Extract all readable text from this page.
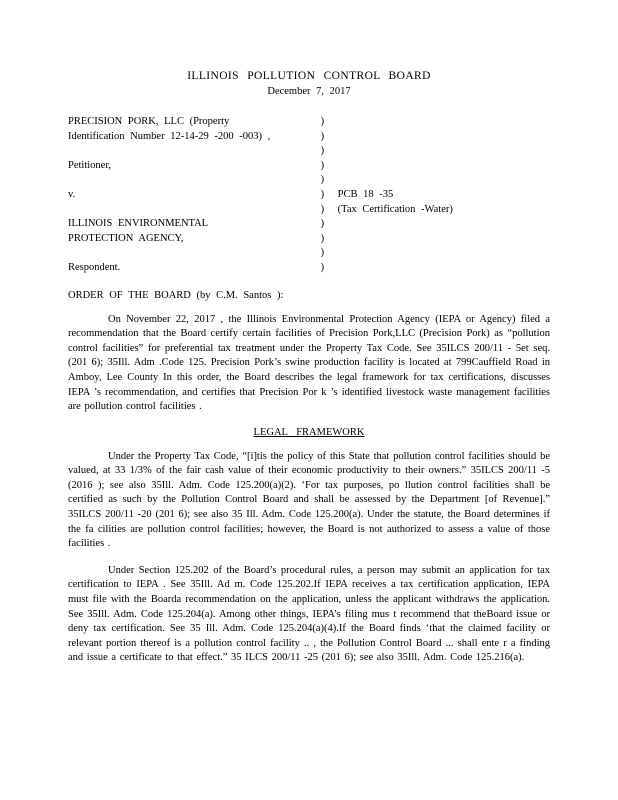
ILLINOIS POLLUTION CONTROL BOARD
December 7, 2017
PRECISION PORK, LLC (Property	)	
Identification Number 12-14-29 -200 -003) ,	)	
	)	
Petitioner,	)	
	)	
v.	)	PCB 18 -35
	)	(Tax Certification -Water)
ILLINOIS ENVIRONMENTAL	)	
PROTECTION AGENCY,	)	
	)	
Respondent.	)	
ORDER OF THE BOARD (by C.M. Santos ):

On November 22, 2017 , the Illinois Environmental Protection Agency (IEPA or Agency) filed a recommendation that the Board certify certain facilities of Precision Pork,LLC (Precision Pork) as “pollution control facilities” for preferential tax treatment under the Property Tax Code. See 35ILCS 200/11 - 5et seq. (201 6); 35Ill. Adm .Code 125. Precision Pork’s swine production facility is located at 799Cauffield Road in Amboy, Lee County In this order, the Board describes the legal framework for tax certifications, discusses IEPA ’s recommendation, and certifies that Precision Por k ’s identified livestock waste management facilities are pollution control facilities .

LEGAL FRAMEWORK

Under the Property Tax Code, “[i]tis the policy of this State that pollution control facilities should be valued, at 33 1/3% of the fair cash value of their economic productivity to their owners.” 35ILCS 200/11 -5 (2016 ); see also 35Ill. Adm. Code 125.200(a)(2). ‘For tax purposes, po llution control facilities shall be certified as such by the Pollution Control Board and shall be assessed by the Department [of Revenue].” 35ILCS 200/11 -20 (201 6); see also 35 Ill. Adm. Code 125.200(a). Under the statute, the Board determines if the fa cilities are pollution control facilities; however, the Board is not authorized to assess a value of those facilities .

Under Section 125.202 of the Board’s procedural rules, a person may submit an application for tax certification to IEPA . See 35Ill. Ad m. Code 125.202.If IEPA receives a tax certification application, IEPA must file with the Boarda recommendation on the application, unless the applicant withdraws the application. See 35Ill. Adm. Code 125.204(a). Among other things, IEPA’s filing mus t recommend that theBoard issue or deny tax certification. See 35 Ill. Adm. Code 125.204(a)(4).If the Board finds ‘that the claimed facility or relevant portion thereof is a pollution control facility .. , the Pollution Control Board ... shall ente r a finding and issue a certificate to that effect.” 35 ILCS 200/11 -25 (201 6); see also 35Ill. Adm. Code 125.216(a).
